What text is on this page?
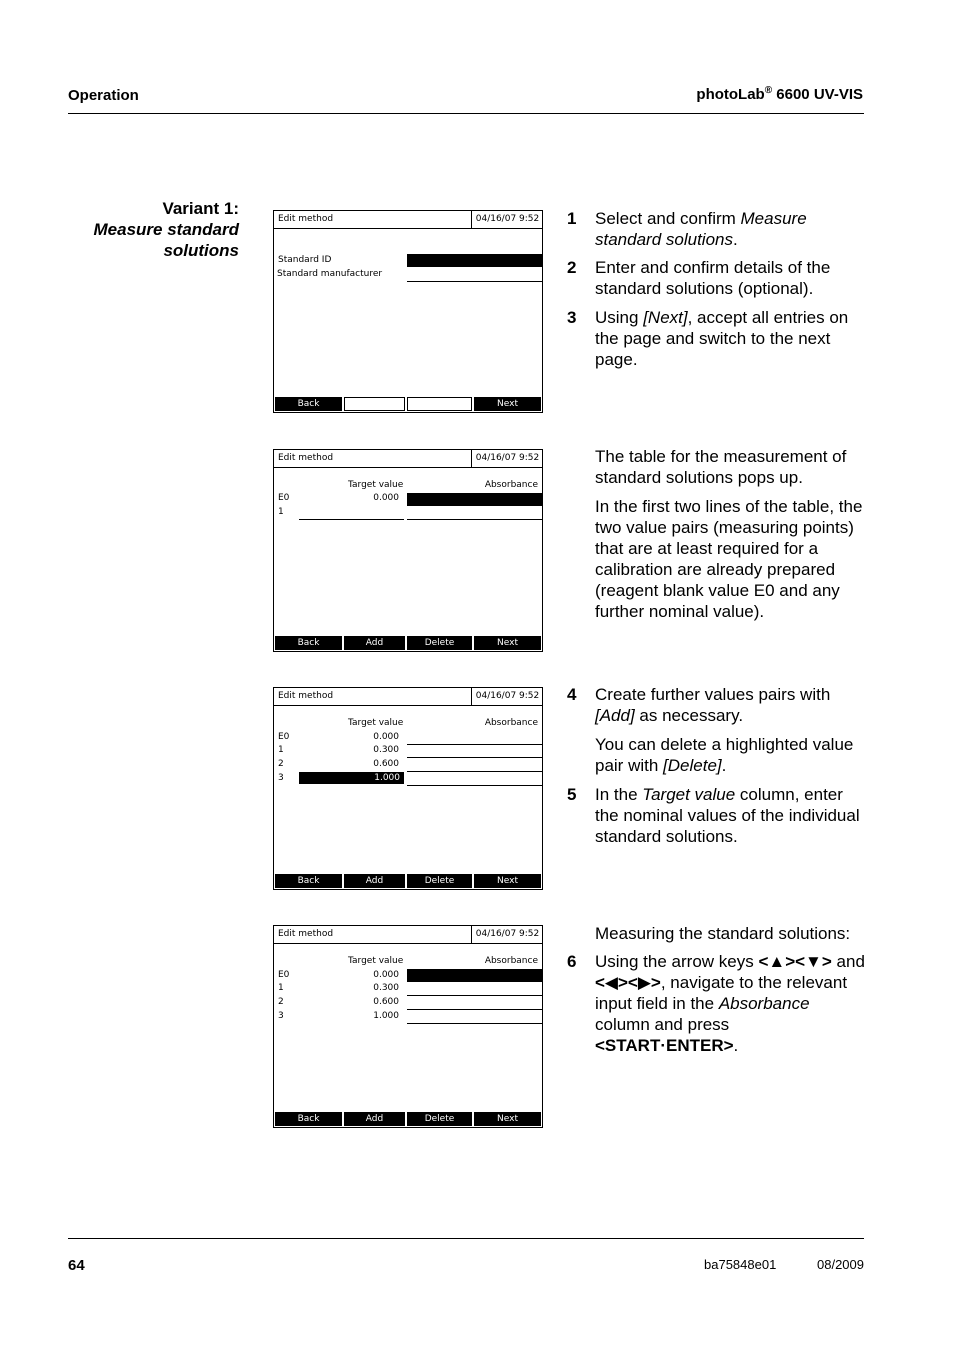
Operation	photoLab® 6600 UV-VIS
Variant 1:
Measure standard
solutions
Edit method	04/16/07 9:52
Standard ID
Standard manufacturer
Back	Next
Edit method	04/16/07 9:52
Target value	Absorbance
E0	0.000
1
Back	Add	Delete	Next
Edit method	04/16/07 9:52
Target value	Absorbance
E0	0.000
1	0.300
2	0.600
3	1.000
Back	Add	Delete	Next
Edit method	04/16/07 9:52
Target value	Absorbance
E0	0.000
1	0.300
2	0.600
3	1.000
Back	Add	Delete	Next
1 Select and confirm Measure standard solutions.
2 Enter and confirm details of the standard solutions (optional).
3 Using [Next], accept all entries on the page and switch to the next page.
The table for the measurement of standard solutions pops up.
In the first two lines of the table, the two value pairs (measuring points) that are at least required for a calibration are already prepared (reagent blank value E0 and any further nominal value).
4 Create further values pairs with [Add] as necessary.
You can delete a highlighted value pair with [Delete].
5 In the Target value column, enter the nominal values of the individual standard solutions.
Measuring the standard solutions:
6 Using the arrow keys <▲><▼> and <◀><▶>, navigate to the relevant input field in the Absorbance column and press <START·ENTER>.
64	ba75848e01	08/2009
